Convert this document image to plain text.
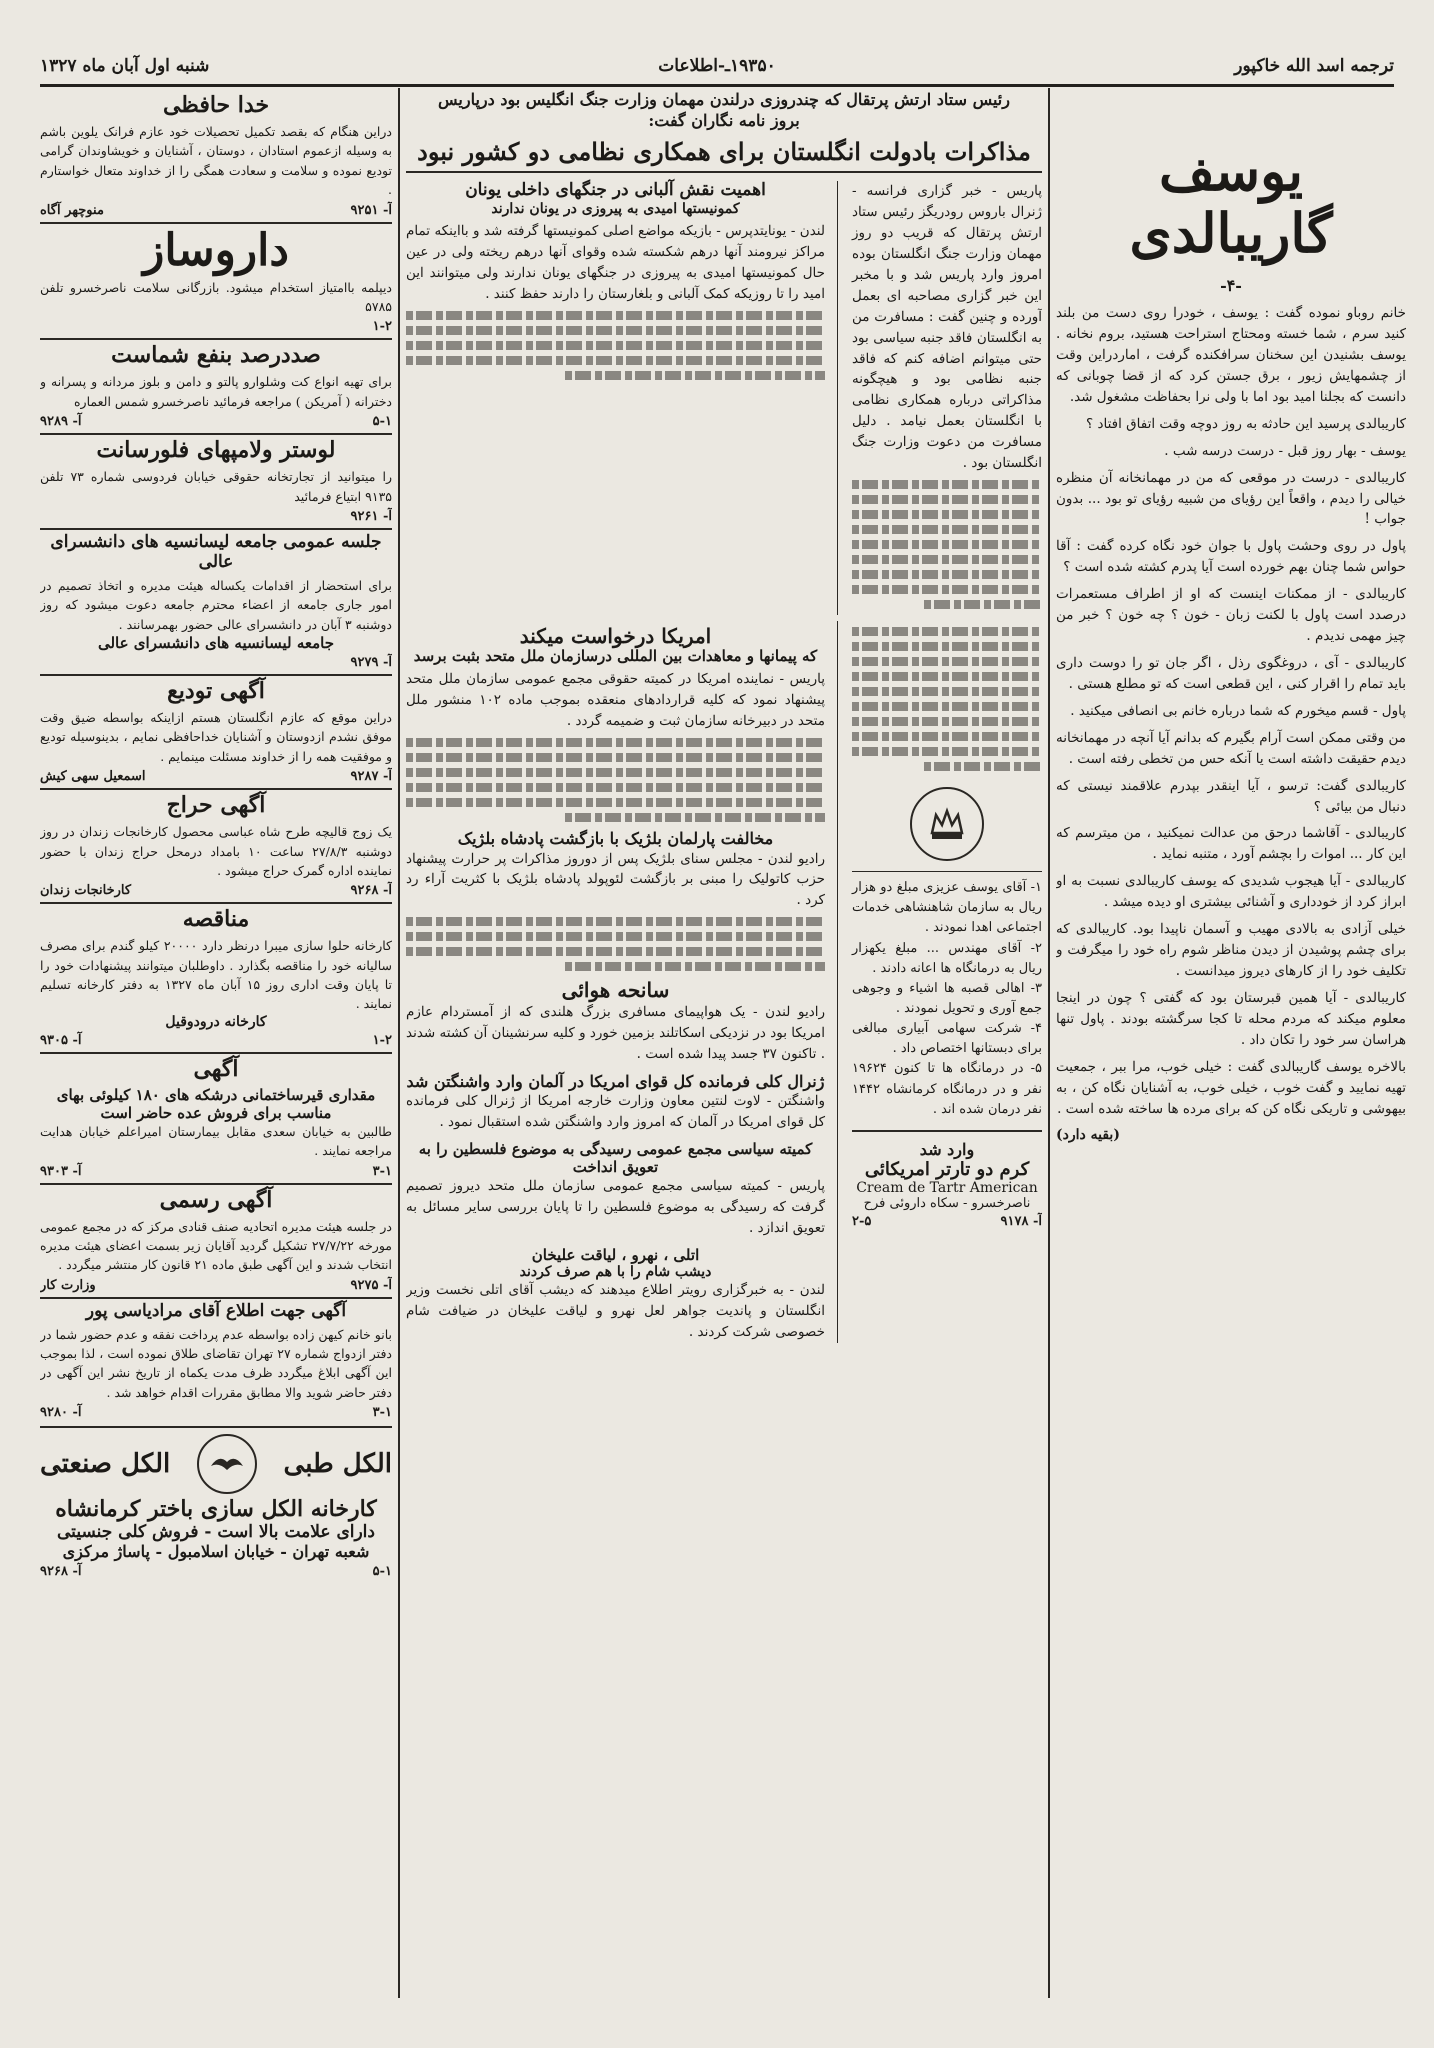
ترجمه اسد الله خاکپور
۱۹۳۵۰ـ-اطلاعات
شنبه اول آبان ماه ۱۳۲۷
یوسف گاریبالدی
-۴-
خانم روباو نموده گفت : یوسف ، خودرا روی دست من بلند کنید سرم ، شما خسته ومحتاج استراحت هستید، بروم نخانه . یوسف بشنیدن این سخنان سرافکنده گرفت ، اماردراین وقت از چشمهایش زیور ، برق جستن کرد که از قضا چوبانی که دانست که بجلنا امید بود اما با ولی نرا بحفاظت مشغول شد.
کاریبالدی پرسید این حادثه به روز دوچه وقت اتفاق افتاد ؟
یوسف - بهار روز قبل - درست درسه شب .
کاریبالدی - درست در موقعی که من در مهمانخانه آن منظره خیالی را دیدم ، واقعاً این رؤیای من شبیه رؤیای تو بود ... بدون جواب !
پاول در روی وحشت پاول با جوان خود نگاه کرده گفت : آقا حواس شما چنان بهم خورده است آیا پدرم کشته شده است ؟
کاریبالدی - از ممکنات اینست که او از اطراف مستعمرات درصدد است پاول با لکنت زبان - خون ؟ چه خون ؟ خبر من چیز مهمی ندیدم .
کاریبالدی - آی ، دروغگوی رذل ، اگر جان تو را دوست داری باید تمام را اقرار کنی ، این قطعی است که تو مطلع هستی .
پاول - قسم میخورم که شما درباره خانم بی انصافی میکنید .
من وقتی ممکن است آرام بگیرم که بدانم آیا آنچه در مهمانخانه دیدم حقیقت داشته است یا آنکه حس من تخطی رفته است .
کاریبالدی گفت: ترسو ، آیا اینقدر بپدرم علاقمند نیستی که دنبال من بیائی ؟
کاریبالدی - آقاشما درحق من عدالت نمیکنید ، من میترسم که این کار ... اموات را بچشم آورد ، متنبه نماید .
کاریبالدی - آیا هیجوب شدیدی که یوسف کاریبالدی نسبت به او ابراز کرد از خودداری و آشنائی بیشتری او دیده میشد .
خیلی آزادی به بالادی مهیب و آسمان ناپیدا بود. کاریبالدی که برای چشم پوشیدن از دیدن مناظر شوم راه خود را میگرفت و تکلیف خود را از کارهای دیروز میدانست .
کاریبالدی - آیا همین قبرستان بود که گفتی ؟ چون در اینجا معلوم میکند که مردم محله تا کجا سرگشته بودند . پاول تنها هراسان سر خود را تکان داد .
بالاخره یوسف گاریبالدی گفت : خیلی خوب، مرا ببر ، جمعیت تهیه نمایید و گفت خوب ، خیلی خوب، به آشنایان نگاه کن ، به بیهوشی و تاریکی نگاه کن که برای مرده ها ساخته شده است .
(بقیه دارد)
رئیس ستاد ارتش پرتقال که چندروزی درلندن مهمان وزارت جنگ انگلیس بود درپاریس بروز نامه نگاران گفت:
مذاکرات بادولت انگلستان برای همکاری نظامی دو کشور نبود
پاریس - خبر گزاری فرانسه - ژنرال باروس رودریگز رئیس ستاد ارتش پرتقال که قریب دو روز مهمان وزارت جنگ انگلستان بوده امروز وارد پاریس شد و با مخبر این خبر گزاری مصاحبه ای بعمل آورده و چنین گفت : مسافرت من به انگلستان فاقد جنبه سیاسی بود حتی میتوانم اضافه کنم که فاقد جنبه نظامی بود و هیچگونه مذاکراتی درباره همکاری نظامی با انگلستان بعمل نیامد . دلیل مسافرت من دعوت وزارت جنگ انگلستان بود .
اهمیت نقش آلبانی در جنگهای داخلی یونان
کمونیستها امیدی به پیروزی در یونان ندارند
لندن - یونایتدپرس - بازیکه مواضع اصلی کمونیستها گرفته شد و بااینکه تمام مراکز نیرومند آنها درهم شکسته شده وقوای آنها درهم ریخته ولی در عین حال کمونیستها امیدی به پیروزی در جنگهای یونان ندارند ولی میتوانند این امید را تا روزیکه کمک آلبانی و بلغارستان را دارند حفظ کنند .
۱- آقای یوسف عزیزی مبلغ دو هزار ریال به سازمان شاهنشاهی خدمات اجتماعی اهدا نمودند .
۲- آقای مهندس ... مبلغ یکهزار ریال به درمانگاه ها اعانه دادند .
۳- اهالی قصبه ها اشیاء و وجوهی جمع آوری و تحویل نمودند .
۴- شرکت سهامی آبیاری مبالغی برای دبستانها اختصاص داد .
۵- در درمانگاه ها تا کنون ۱۹۶۲۴ نفر و در درمانگاه کرمانشاه ۱۴۴۲ نفر درمان شده اند .
وارد شد
کرم دو تارتر امریکائی
Cream de Tartr American
ناصرخسرو - سکاه داروئی فرح
آ- ۹۱۷۸
۲-۵
امریکا درخواست میکند
که پیمانها و معاهدات بین المللی درسازمان ملل متحد بثبت برسد
پاریس - نماینده امریکا در کمیته حقوقی مجمع عمومی سازمان ملل متحد پیشنهاد نمود که کلیه قراردادهای منعقده بموجب ماده ۱۰۲ منشور ملل متحد در دبیرخانه سازمان ثبت و ضمیمه گردد .
مخالفت پارلمان بلژیک با بازگشت پادشاه بلژیک
رادیو لندن - مجلس سنای بلژیک پس از دوروز مذاکرات پر حرارت پیشنهاد حزب کاتولیک را مبنی بر بازگشت لئوپولد پادشاه بلژیک با کثریت آراء رد کرد .
سانحه هوائی
رادیو لندن - یک هواپیمای مسافری بزرگ هلندی که از آمستردام عازم امریکا بود در نزدیکی اسکاتلند بزمین خورد و کلیه سرنشینان آن کشته شدند . تاکنون ۳۷ جسد پیدا شده است .
ژنرال کلی فرمانده کل قوای امریکا در آلمان وارد واشنگتن شد
واشنگتن - لاوت لنتین معاون وزارت خارجه امریکا از ژنرال کلی فرمانده کل قوای امریکا در آلمان که امروز وارد واشنگتن شده استقبال نمود .
کمیته سیاسی مجمع عمومی رسیدگی به موضوع فلسطین را به تعویق انداخت
پاریس - کمیته سیاسی مجمع عمومی سازمان ملل متحد دیروز تصمیم گرفت که رسیدگی به موضوع فلسطین را تا پایان بررسی سایر مسائل به تعویق اندازد .
اتلی ، نهرو ، لیاقت علیخان
دیشب شام را با هم صرف کردند
لندن - به خبرگزاری رویتر اطلاع میدهند که دیشب آقای اتلی نخست وزیر انگلستان و پاندیت جواهر لعل نهرو و لیاقت علیخان در ضیافت شام خصوصی شرکت کردند .
خدا حافظی
دراین هنگام که بقصد تکمیل تحصیلات خود عازم فرانک یلوین باشم به وسیله ازعموم استادان ، دوستان ، آشنایان و خویشاوندان گرامی تودیع نموده و سلامت و سعادت همگی را از خداوند متعال خواستارم .
آ- ۹۲۵۱
منوچهر آگاه
داروساز
دیپلمه باامتیاز استخدام میشود. بازرگانی سلامت ناصرخسرو تلفن ۵۷۸۵
۱-۲
صددرصد بنفع شماست
برای تهیه انواع کت وشلوارو پالتو و دامن و بلوز مردانه و پسرانه و دخترانه ( آمریکن ) مراجعه فرمائید ناصرخسرو شمس العماره
۵-۱
آ- ۹۲۸۹
لوستر ولامپهای فلورسانت
را میتوانید از تجارتخانه حقوقی خیابان فردوسی شماره ۷۳ تلفن ۹۱۳۵ ابتیاع فرمائید
آ- ۹۲۶۱
جلسه عمومی جامعه لیسانسیه های دانشسرای عالی
برای استحضار از اقدامات یکساله هیئت مدیره و اتخاذ تصمیم در امور جاری جامعه از اعضاء محترم جامعه دعوت میشود که روز دوشنبه ۳ آبان در دانشسرای عالی حضور بهمرسانند .
جامعه لیسانسیه های دانشسرای عالی
آ- ۹۲۷۹
آگهی تودیع
دراین موقع که عازم انگلستان هستم ازاینکه بواسطه ضیق وقت موفق نشدم ازدوستان و آشنایان خداحافظی نمایم ، بدینوسیله تودیع و موفقیت همه را از خداوند مسئلت مینمایم .
آ- ۹۲۸۷
اسمعیل سهی کیش
آگهی حراج
یک زوج قالیچه طرح شاه عباسی محصول کارخانجات زندان در روز دوشنبه ۲۷/۸/۳ ساعت ۱۰ بامداد درمحل حراج زندان با حضور نماینده اداره گمرک حراج میشود .
آ- ۹۲۶۸
کارخانجات زندان
مناقصه
کارخانه حلوا سازی میبرا درنظر دارد ۲۰۰۰۰ کیلو گندم برای مصرف سالیانه خود را مناقصه بگذارد . داوطلبان میتوانند پیشنهادات خود را تا پایان وقت اداری روز ۱۵ آبان ماه ۱۳۲۷ به دفتر کارخانه تسلیم نمایند .
کارخانه درودوقیل
۱-۲
آ- ۹۳۰۵
آگهی
مقداری قیرساختمانی درشکه های ۱۸۰ کیلوئی بهای مناسب برای فروش عده حاضر است
طالبین به خیابان سعدی مقابل بیمارستان امیراعلم خیابان هدایت مراجعه نمایند .
۳-۱
آ- ۹۳۰۳
آگهی رسمی
در جلسه هیئت مدیره اتحادیه صنف قنادی مرکز که در مجمع عمومی مورخه ۲۷/۷/۲۲ تشکیل گردید آقایان زیر بسمت اعضای هیئت مدیره انتخاب شدند و این آگهی طبق ماده ۲۱ قانون کار منتشر میگردد .
آ- ۹۲۷۵
وزارت کار
آگهی جهت اطلاع آقای مرادیاسی پور
بانو خانم کیهن زاده بواسطه عدم پرداخت نفقه و عدم حضور شما در دفتر ازدواج شماره ۲۷ تهران تقاضای طلاق نموده است ، لذا بموجب این آگهی ابلاغ میگردد ظرف مدت یکماه از تاریخ نشر این آگهی در دفتر حاضر شوید والا مطابق مقررات اقدام خواهد شد .
۳-۱
آ- ۹۲۸۰
الکل طبی
الکل صنعتی
کارخانه الکل سازی باختر کرمانشاه
دارای علامت بالا است - فروش کلی جنسیتی
شعبه تهران - خیابان اسلامبول - پاساژ مرکزی
۵-۱
آ- ۹۲۶۸
